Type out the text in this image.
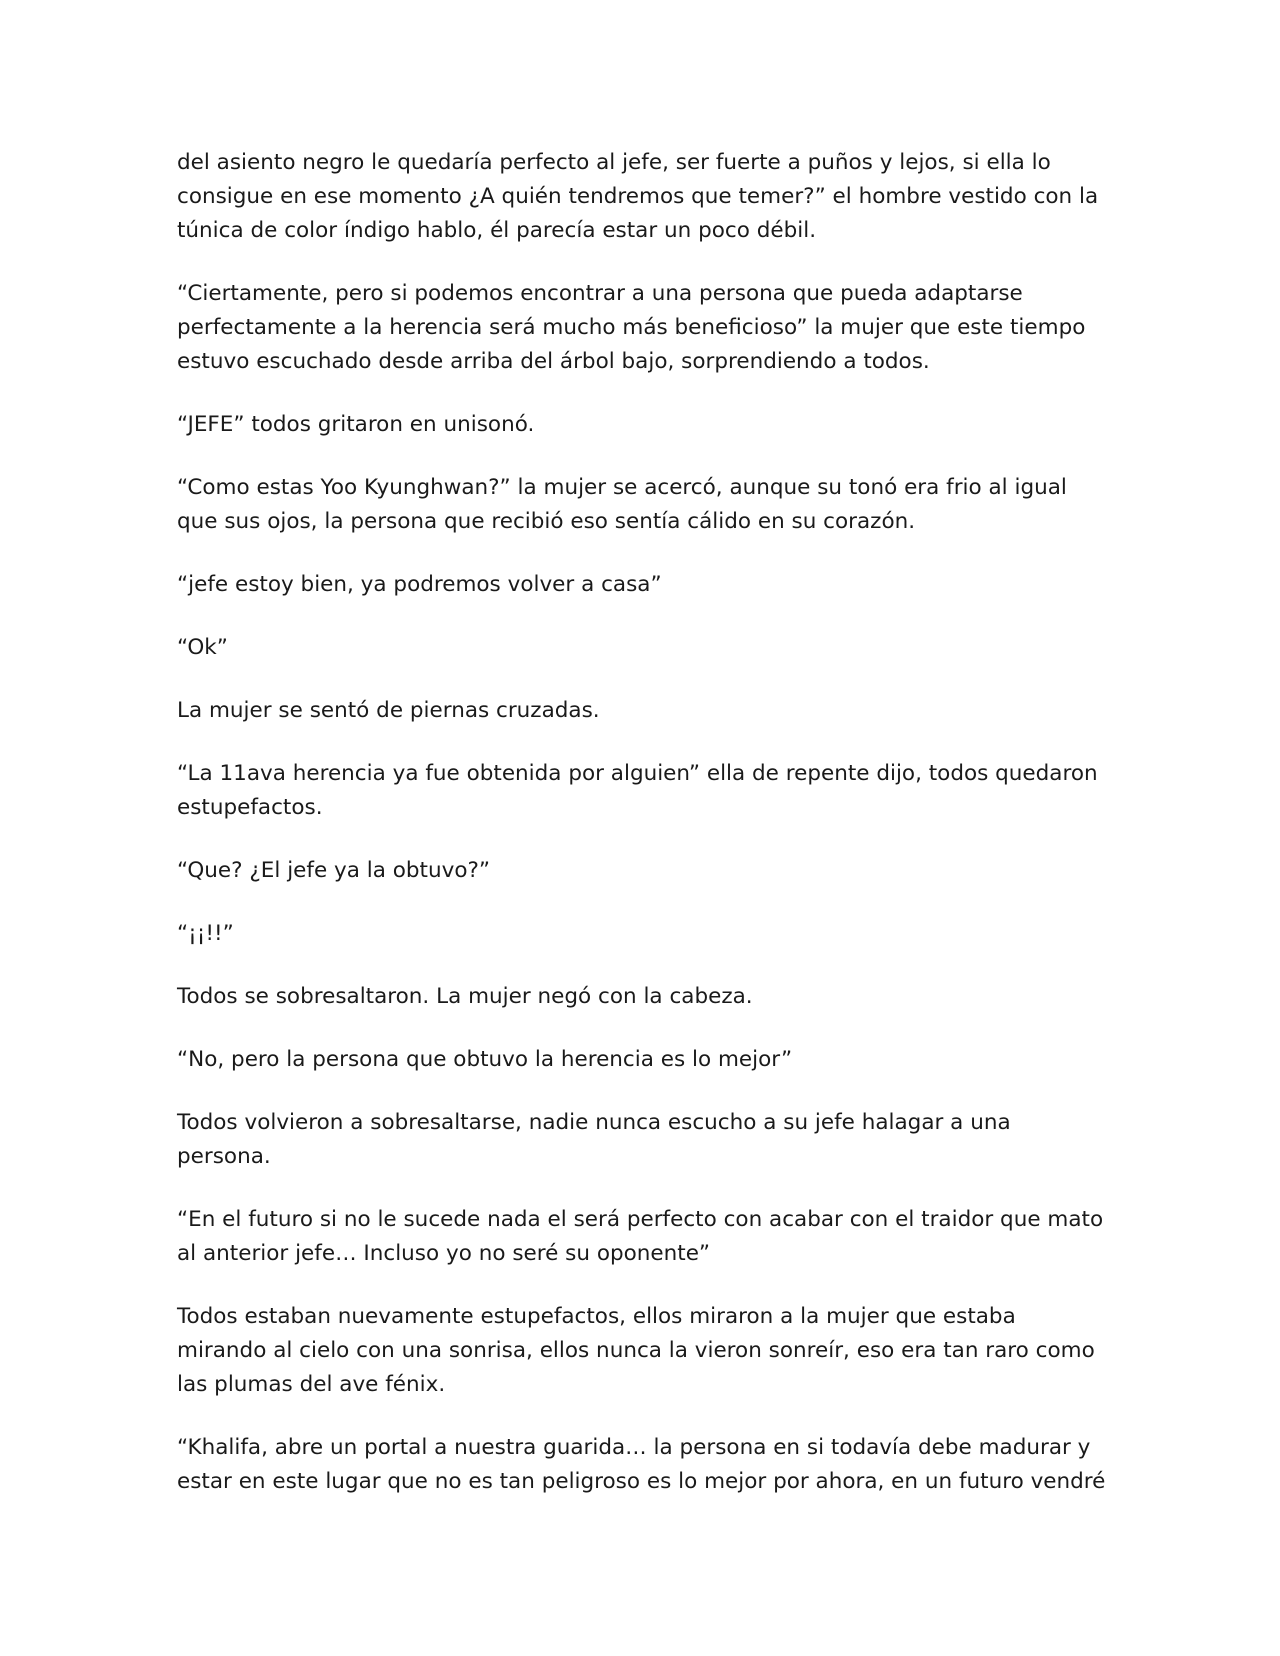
del asiento negro le quedaría perfecto al jefe, ser fuerte a puños y lejos, si ella lo consigue en ese momento ¿A quién tendremos que temer?” el hombre vestido con la túnica de color índigo hablo, él parecía estar un poco débil.

“Ciertamente, pero si podemos encontrar a una persona que pueda adaptarse perfectamente a la herencia será mucho más beneficioso” la mujer que este tiempo estuvo escuchado desde arriba del árbol bajo, sorprendiendo a todos.

“JEFE” todos gritaron en unisonó.

“Como estas Yoo Kyunghwan?” la mujer se acercó, aunque su tonó era frio al igual que sus ojos, la persona que recibió eso sentía cálido en su corazón.

“jefe estoy bien, ya podremos volver a casa”

“Ok”

La mujer se sentó de piernas cruzadas.

“La 11ava herencia ya fue obtenida por alguien” ella de repente dijo, todos quedaron estupefactos.

“Que? ¿El jefe ya la obtuvo?”

“¡¡!!”

Todos se sobresaltaron. La mujer negó con la cabeza.

“No, pero la persona que obtuvo la herencia es lo mejor”

Todos volvieron a sobresaltarse, nadie nunca escucho a su jefe halagar a una persona.

“En el futuro si no le sucede nada el será perfecto con acabar con el traidor que mato al anterior jefe… Incluso yo no seré su oponente”

Todos estaban nuevamente estupefactos, ellos miraron a la mujer que estaba mirando al cielo con una sonrisa, ellos nunca la vieron sonreír, eso era tan raro como las plumas del ave fénix.

“Khalifa, abre un portal a nuestra guarida… la persona en si todavía debe madurar y estar en este lugar que no es tan peligroso es lo mejor por ahora, en un futuro vendré
